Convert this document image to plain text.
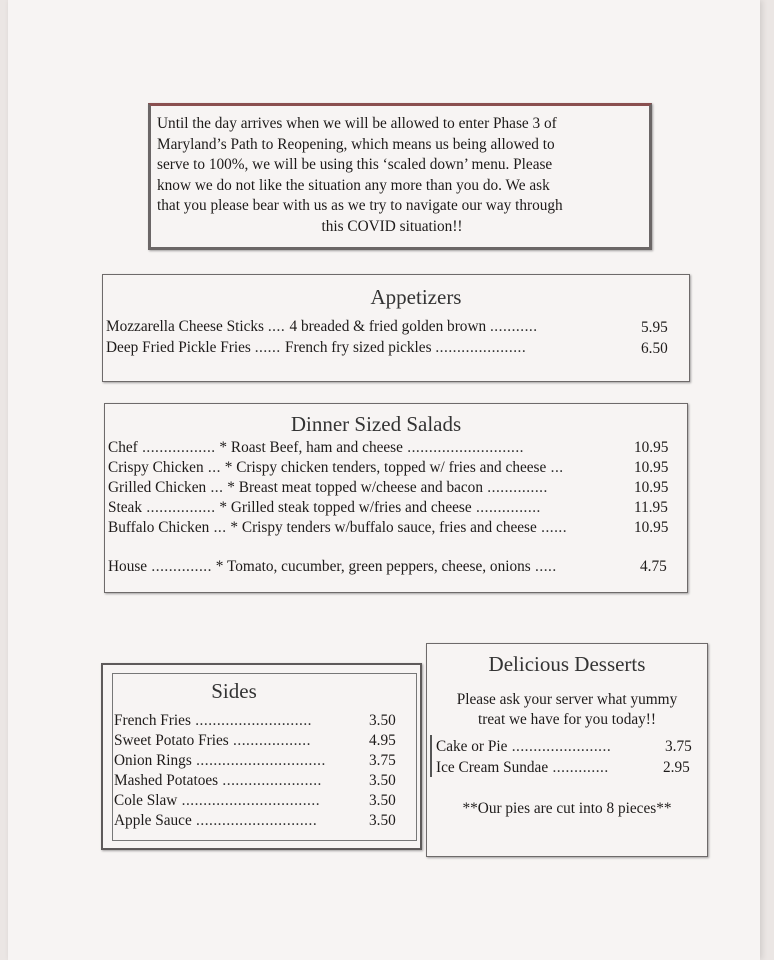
Until the day arrives when we will be allowed to enter Phase 3 of
Maryland’s Path to Reopening, which means us being allowed to
serve to 100%, we will be using this ‘scaled down’ menu. Please
know we do not like the situation any more than you do. We ask
that you please bear with us as we try to navigate our way through

this COVID situation!!
Appetizers
Mozzarella Cheese Sticks .... 4 breaded & fried golden brown ...........	5.95
Deep Fried Pickle Fries ...... French fry sized pickles .....................	6.50
Dinner Sized Salads
Chef ................. * Roast Beef, ham and cheese ...........................	10.95
Crispy Chicken ... * Crispy chicken tenders, topped w/ fries and cheese ...	10.95
Grilled Chicken ... * Breast meat topped w/cheese and bacon ..............	10.95
Steak ................ * Grilled steak topped w/fries and cheese ...............	11.95
Buffalo Chicken ... * Crispy tenders w/buffalo sauce, fries and cheese ......	10.95
House .............. * Tomato, cucumber, green peppers, cheese, onions .....	4.75
Sides
French Fries ...........................	3.50
Sweet Potato Fries ..................	4.95
Onion Rings ..............................	3.75
Mashed Potatoes .......................	3.50
Cole Slaw ................................	3.50
Apple Sauce ............................	3.50
Delicious Desserts
Please ask your server what yummy
treat we have for you today!!
Cake or Pie .......................	3.75
Ice Cream Sundae .............	2.95
**Our pies are cut into 8 pieces**
